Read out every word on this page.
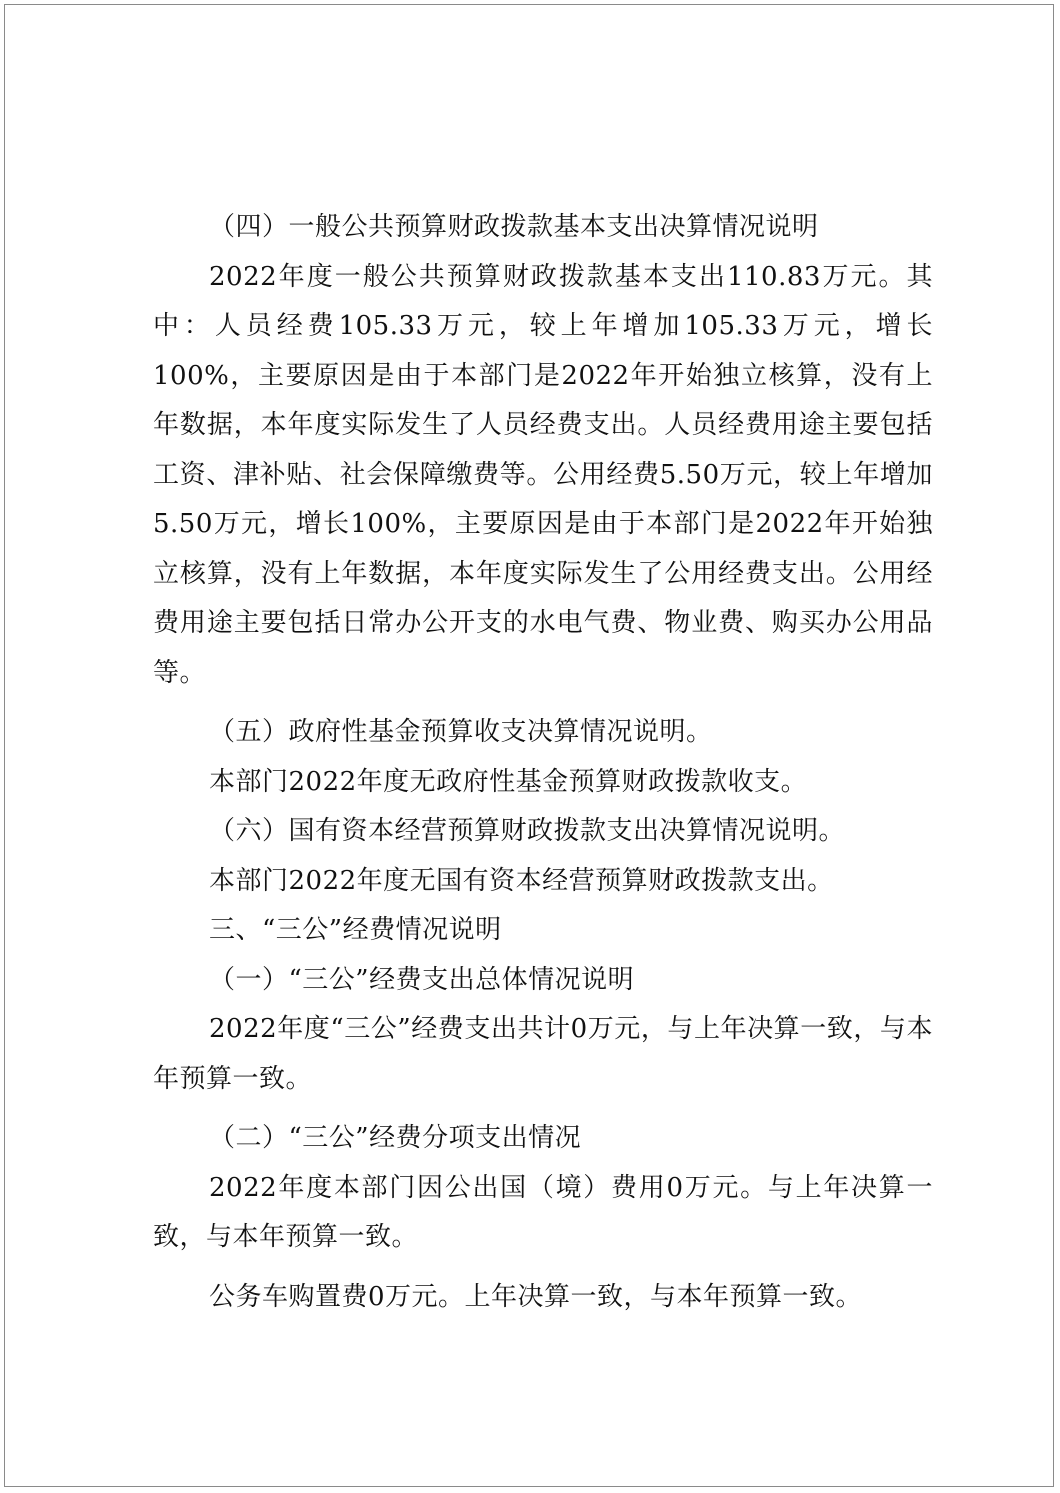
（四）一般公共预算财政拨款基本支出决算情况说明

2022年度一般公共预算财政拨款基本支出110.83万元。其中：人员经费105.33万元，较上年增加105.33万元，增长100%，主要原因是由于本部门是2022年开始独立核算，没有上年数据，本年度实际发生了人员经费支出。人员经费用途主要包括工资、津补贴、社会保障缴费等。公用经费5.50万元，较上年增加5.50万元，增长100%，主要原因是由于本部门是2022年开始独立核算，没有上年数据，本年度实际发生了公用经费支出。公用经费用途主要包括日常办公开支的水电气费、物业费、购买办公用品等。

（五）政府性基金预算收支决算情况说明。

本部门2022年度无政府性基金预算财政拨款收支。

（六）国有资本经营预算财政拨款支出决算情况说明。

本部门2022年度无国有资本经营预算财政拨款支出。

三、“三公”经费情况说明

（一）“三公”经费支出总体情况说明

2022年度“三公”经费支出共计0万元，与上年决算一致，与本年预算一致。

（二）“三公”经费分项支出情况

2022年度本部门因公出国（境）费用0万元。与上年决算一致，与本年预算一致。

公务车购置费0万元。上年决算一致，与本年预算一致。
